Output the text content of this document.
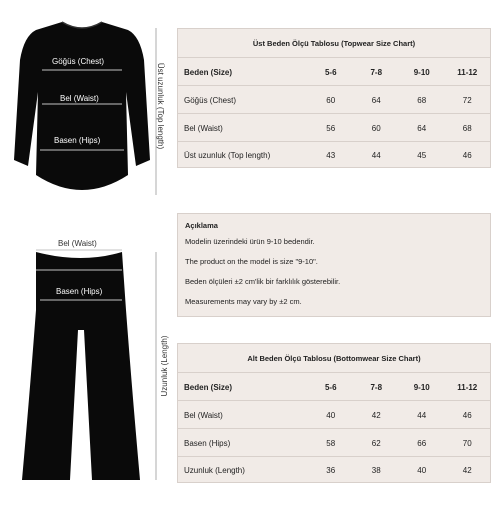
Göğüs (Chest)
Bel (Waist)
Basen (Hips)	Üst uzunluk (Top length)
Bel (Waist)
Basen (Hips)
Uzunluk (Length)
Üst Beden Ölçü Tablosu (Topwear Size Chart)
Beden (Size)	5-6	7-8	9-10	11-12
Göğüs (Chest)	60	64	68	72
Bel (Waist)	56	60	64	68
Üst uzunluk (Top length)	43	44	45	46
Açıklama
Modelin üzerindeki ürün 9-10 bedendir.
The product on the model is size "9-10".
Beden ölçüleri ±2 cm'lik bir farklılık gösterebilir.
Measurements may vary by ±2 cm.
Alt Beden Ölçü Tablosu (Bottomwear Size Chart)
Beden (Size)	5-6	7-8	9-10	11-12
Bel (Waist)	40	42	44	46
Basen (Hips)	58	62	66	70
Uzunluk (Length)	36	38	40	42
